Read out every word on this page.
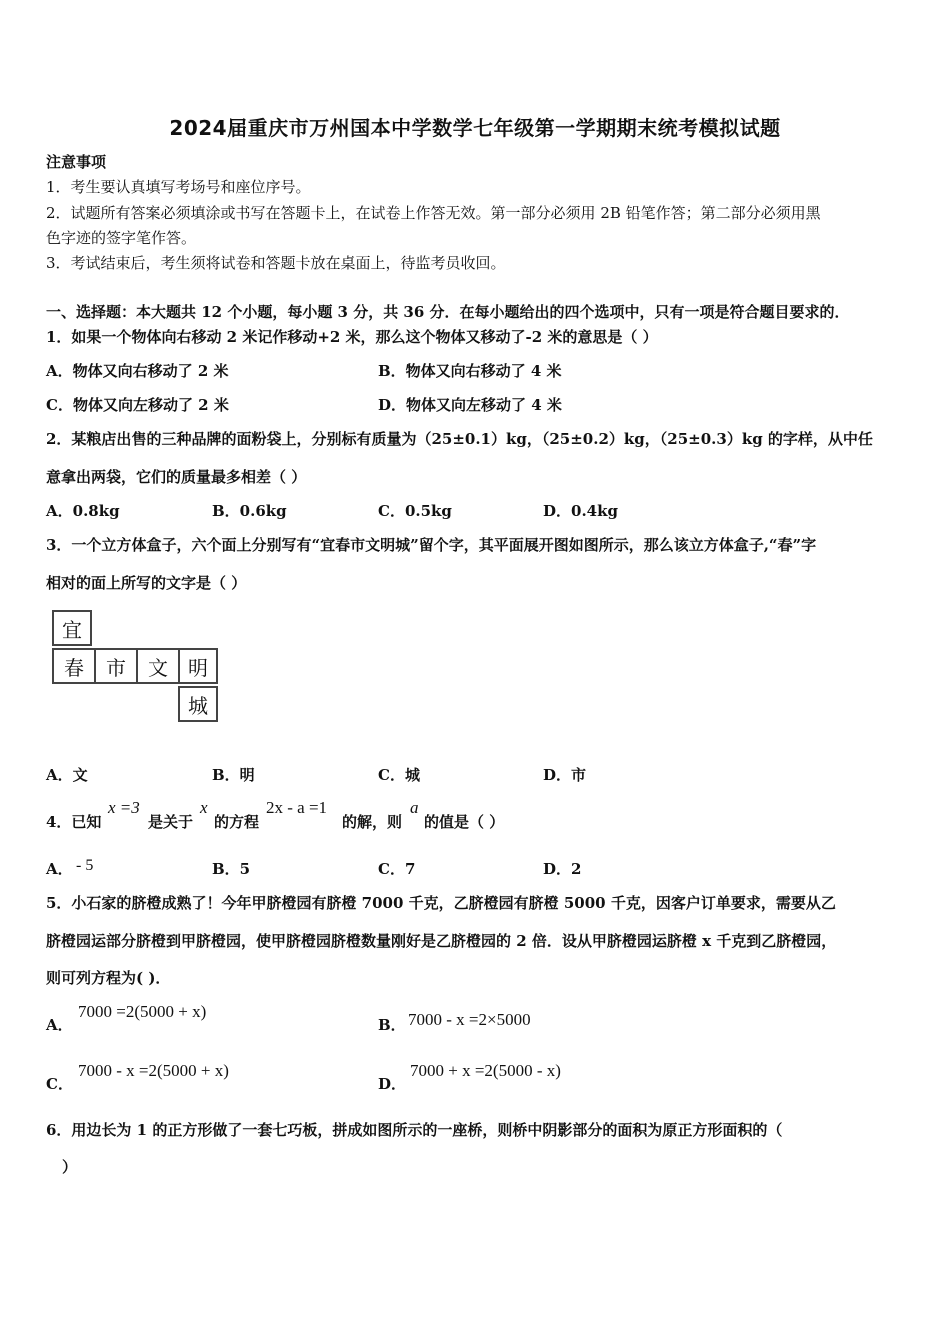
2024届重庆市万州国本中学数学七年级第一学期期末统考模拟试题
注意事项
1．考生要认真填写考场号和座位序号。
2．试题所有答案必须填涂或书写在答题卡上，在试卷上作答无效。第一部分必须用 2B 铅笔作答；第二部分必须用黑
色字迹的签字笔作答。
3．考试结束后，考生须将试卷和答题卡放在桌面上，待监考员收回。
一、选择题：本大题共 12 个小题，每小题 3 分，共 36 分．在每小题给出的四个选项中，只有一项是符合题目要求的．
1．如果一个物体向右移动 2 米记作移动+2 米，那么这个物体又移动了-2 米的意思是（ ）
A．物体又向右移动了 2 米	B．物体又向右移动了 4 米
C．物体又向左移动了 2 米	D．物体又向左移动了 4 米
2．某粮店出售的三种品牌的面粉袋上，分别标有质量为（25±0.1）kg，（25±0.2）kg，（25±0.3）kg 的字样，从中任
意拿出两袋，它们的质量最多相差（ ）
A．0.8kg	B．0.6kg	C．0.5kg	D．0.4kg
3．一个立方体盒子，六个面上分别写有“宜春市文明城”留个字，其平面展开图如图所示，那么该立方体盒子,“春”字
相对的面上所写的文字是（ ）
宜
春	市	文	明
城
A．文	B．明	C．城	D．市
4．已知
x =3
是关于
x
的方程
2x - a =1
的解，则
a
的值是（ ）
A． - 5	B．5	C．7	D．2
5．小石家的脐橙成熟了！今年甲脐橙园有脐橙 7000 千克，乙脐橙园有脐橙 5000 千克，因客户订单要求，需要从乙
脐橙园运部分脐橙到甲脐橙园，使甲脐橙园脐橙数量刚好是乙脐橙园的 2 倍．设从甲脐橙园运脐橙 x 千克到乙脐橙园，
则可列方程为( )．
A．
7000 =2(5000 + x)
B． 7000 - x =2×5000
C．
7000 - x =2(5000 + x)
D．
7000 + x =2(5000 - x)
6．用边长为 1 的正方形做了一套七巧板，拼成如图所示的一座桥，则桥中阴影部分的面积为原正方形面积的（
）
